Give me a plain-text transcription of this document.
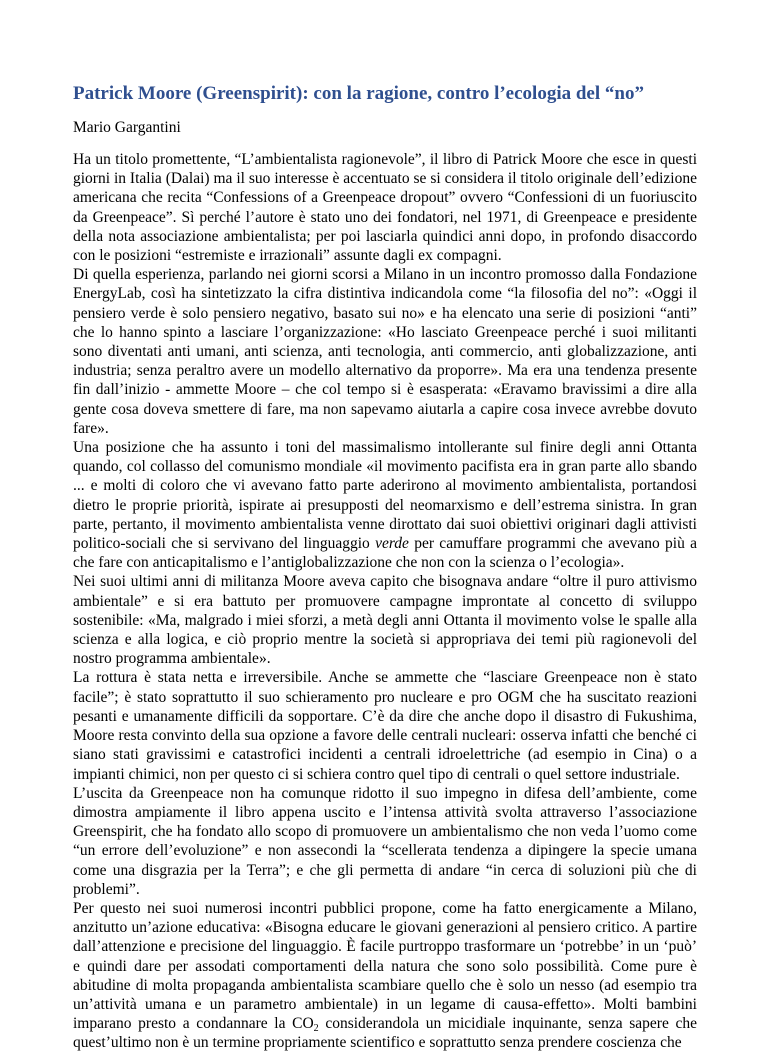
Patrick Moore (Greenspirit): con la ragione, contro l’ecologia del “no”

Mario Gargantini

Ha un titolo promettente, “L’ambientalista ragionevole”, il libro di Patrick Moore che esce in questi giorni in Italia (Dalai) ma il suo interesse è accentuato se si considera il titolo originale dell’edizione americana che recita “Confessions of a Greenpeace dropout” ovvero “Confessioni di un fuoriuscito da Greenpeace”. Sì perché l’autore è stato uno dei fondatori, nel 1971, di Greenpeace e presidente della nota associazione ambientalista; per poi lasciarla quindici anni dopo, in profondo disaccordo con le posizioni “estremiste e irrazionali” assunte dagli ex compagni.

Di quella esperienza, parlando nei giorni scorsi a Milano in un incontro promosso dalla Fondazione EnergyLab, così ha sintetizzato la cifra distintiva indicandola come “la filosofia del no”: «Oggi il pensiero verde è solo pensiero negativo, basato sui no» e ha elencato una serie di posizioni “anti” che lo hanno spinto a lasciare l’organizzazione: «Ho lasciato Greenpeace perché i suoi militanti sono diventati anti umani, anti scienza, anti tecnologia, anti commercio, anti globalizzazione, anti industria; senza peraltro avere un modello alternativo da proporre». Ma era una tendenza presente fin dall’inizio - ammette Moore – che col tempo si è esasperata: «Eravamo bravissimi a dire alla gente cosa doveva smettere di fare, ma non sapevamo aiutarla a capire cosa invece avrebbe dovuto fare».

Una posizione che ha assunto i toni del massimalismo intollerante sul finire degli anni Ottanta quando, col collasso del comunismo mondiale «il movimento pacifista era in gran parte allo sbando ... e molti di coloro che vi avevano fatto parte aderirono al movimento ambientalista, portandosi dietro le proprie priorità, ispirate ai presupposti del neomarxismo e dell’estrema sinistra. In gran parte, pertanto, il movimento ambientalista venne dirottato dai suoi obiettivi originari dagli attivisti politico-sociali che si servivano del linguaggio verde per camuffare programmi che avevano più a che fare con anticapitalismo e l’antiglobalizzazione che non con la scienza o l’ecologia».

Nei suoi ultimi anni di militanza Moore aveva capito che bisognava andare “oltre il puro attivismo ambientale” e si era battuto per promuovere campagne improntate al concetto di sviluppo sostenibile: «Ma, malgrado i miei sforzi, a metà degli anni Ottanta il movimento volse le spalle alla scienza e alla logica, e ciò proprio mentre la società si appropriava dei temi più ragionevoli del nostro programma ambientale».

La rottura è stata netta e irreversibile. Anche se ammette che “lasciare Greenpeace non è stato facile”; è stato soprattutto il suo schieramento pro nucleare e pro OGM che ha suscitato reazioni pesanti e umanamente difficili da sopportare. C’è da dire che anche dopo il disastro di Fukushima, Moore resta convinto della sua opzione a favore delle centrali nucleari: osserva infatti che benché ci siano stati gravissimi e catastrofici incidenti a centrali idroelettriche (ad esempio in Cina) o a impianti chimici, non per questo ci si schiera contro quel tipo di centrali o quel settore industriale.

L’uscita da Greenpeace non ha comunque ridotto il suo impegno in difesa dell’ambiente, come dimostra ampiamente il libro appena uscito e l’intensa attività svolta attraverso l’associazione Greenspirit, che ha fondato allo scopo di promuovere un ambientalismo che non veda l’uomo come “un errore dell’evoluzione” e non assecondi la “scellerata tendenza a dipingere la specie umana come una disgrazia per la Terra”; e che gli permetta di andare “in cerca di soluzioni più che di problemi”.

Per questo nei suoi numerosi incontri pubblici propone, come ha fatto energicamente a Milano, anzitutto un’azione educativa: «Bisogna educare le giovani generazioni al pensiero critico. A partire dall’attenzione e precisione del linguaggio. È facile purtroppo trasformare un ‘potrebbe’ in un ‘può’ e quindi dare per assodati comportamenti della natura che sono solo possibilità. Come pure è abitudine di molta propaganda ambientalista scambiare quello che è solo un nesso (ad esempio tra un’attività umana e un parametro ambientale) in un legame di causa-effetto». Molti bambini imparano presto a condannare la $CO_2$ considerandola un micidiale inquinante, senza sapere che quest’ultimo non è un termine propriamente scientifico e soprattutto senza prendere coscienza che
